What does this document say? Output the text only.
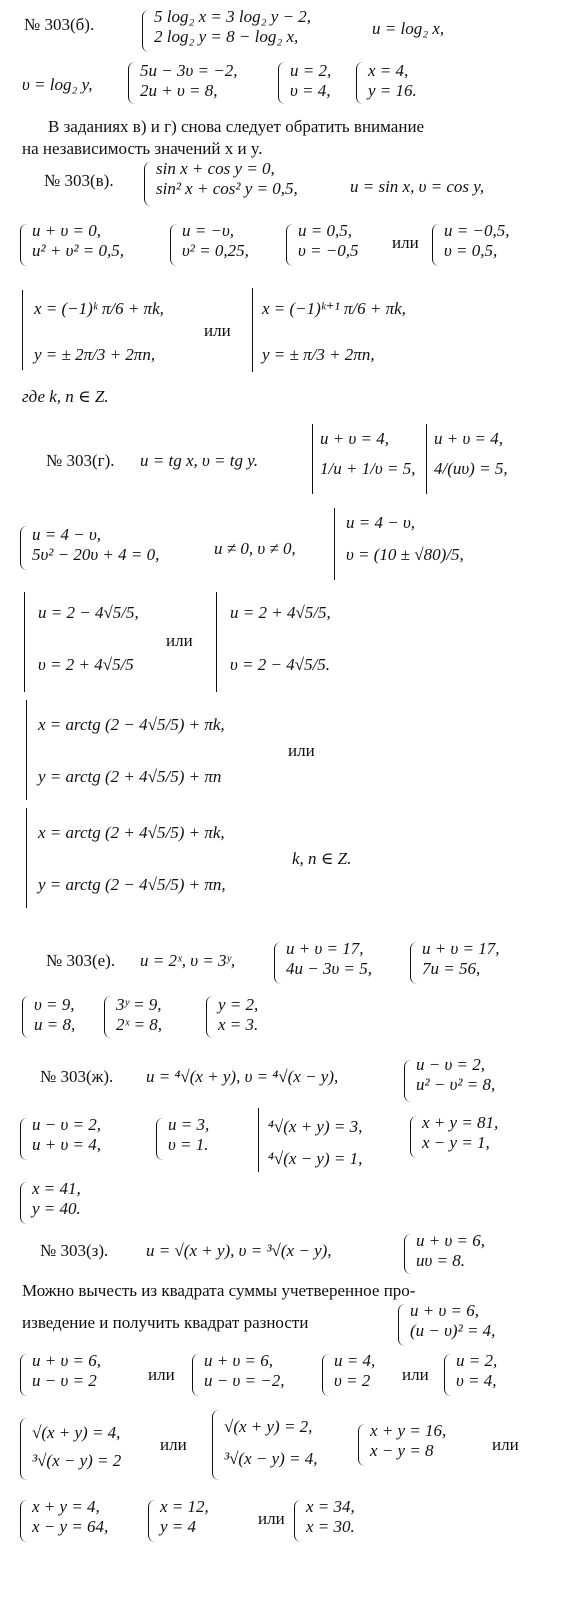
№ 303(б).	5 log₂ x = 3 log₂ y − 2,
2 log₂ y = 8 − log₂ x,	u = log₂ x,
υ = log₂ y,
5u − 3υ = −2,
2u + υ = 8,
u = 2,
υ = 4,
x = 4,
y = 16.
В заданиях в) и г) снова следует обратить внимание
на независимость значений x и y.
№ 303(в).
sin x + cos y = 0,
sin² x + cos² y = 0,5,	u = sin x, υ = cos y,
u + υ = 0,
u² + υ² = 0,5,
u = −υ,
υ² = 0,25,
u = 0,5,
υ = −0,5 или
u = −0,5,
υ = 0,5,
x = (−1)ᵏ π/6 + πk,
y = ± 2π/3 + 2πn,
или
x = (−1)ᵏ⁺¹ π/6 + πk,
y = ± π/3 + 2πn,
где k, n ∈ Z.
№ 303(г). u = tg x, υ = tg y.
u + υ = 4,
1/u + 1/υ = 5,
u + υ = 4,
4/(uυ) = 5,
u = 4 − υ,
5υ² − 20υ + 4 = 0,	u ≠ 0, υ ≠ 0,
u = 4 − υ,
υ = (10 ± √80)/5,
u = 2 − 4√5/5,
υ = 2 + 4√5/5
или
u = 2 + 4√5/5,
υ = 2 − 4√5/5.
x = arctg (2 − 4√5/5) + πk,
y = arctg (2 + 4√5/5) + πn
или
x = arctg (2 + 4√5/5) + πk,
y = arctg (2 − 4√5/5) + πn,
k, n ∈ Z.
№ 303(е). u = 2ˣ, υ = 3ʸ,
u + υ = 17,
4u − 3υ = 5,
u + υ = 17,
7u = 56,
υ = 9,
u = 8,
3ʸ = 9,
2ˣ = 8,
y = 2,
x = 3.
№ 303(ж). u = ⁴√(x + y), υ = ⁴√(x − y),
u − υ = 2,
u² − υ² = 8,
u − υ = 2,
u + υ = 4,
u = 3,
υ = 1.
⁴√(x + y) = 3,
⁴√(x − y) = 1,
x + y = 81,
x − y = 1,
x = 41,
y = 40.
№ 303(з). u = √(x + y), υ = ³√(x − y),
u + υ = 6,
uυ = 8.
Можно вычесть из квадрата суммы учетверенное про-
изведение и получить квадрат разности
u + υ = 6,
(u − υ)² = 4,
u + υ = 6,
u − υ = 2	или
u + υ = 6,
u − υ = −2,
u = 4,
υ = 2 или
u = 2,
υ = 4,
√(x + y) = 4,
³√(x − y) = 2
или
√(x + y) = 2,
³√(x − y) = 4,
x + y = 16,
x − y = 8	или
x + y = 4,
x − y = 64,
x = 12,
y = 4	или
x = 34,
x = 30.
